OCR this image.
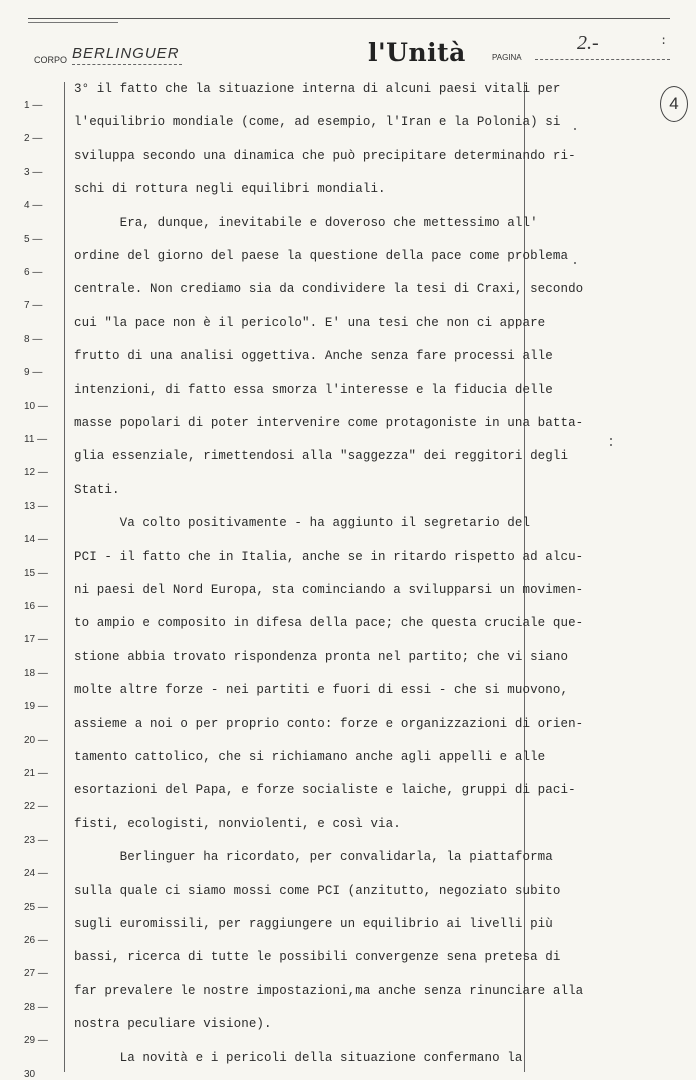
CORPO BERLINGUER	l'Unità	PAGINA
2.-	:
4
1 —
2 —
3 —
4 —
5 —
6 —
7 —
8 —
9 —
10 —
11 —
12 —
13 —
14 —
15 —
16 —
17 —
18 —
19 —
20 —
21 —
22 —
23 —
24 —
25 —
26 —
27 —
28 —
29 —
30
3° il fatto che la situazione interna di alcuni paesi vitali per
l'equilibrio mondiale (come, ad esempio, l'Iran e la Polonia) si
sviluppa secondo una dinamica che può precipitare determinando ri-
schi di rottura negli equilibri mondiali.
Era, dunque, inevitabile e doveroso che mettessimo all'
ordine del giorno del paese la questione della pace come problema
centrale. Non crediamo sia da condividere la tesi di Craxi, secondo
cui "la pace non è il pericolo". E' una tesi che non ci appare
frutto di una analisi oggettiva. Anche senza fare processi alle
intenzioni, di fatto essa smorza l'interesse e la fiducia delle
masse popolari di poter intervenire come protagoniste in una batta-
glia essenziale, rimettendosi alla "saggezza" dei reggitori degli
Stati.
Va colto positivamente - ha aggiunto il segretario del
PCI - il fatto che in Italia, anche se in ritardo rispetto ad alcu-
ni paesi del Nord Europa, sta cominciando a svilupparsi un movimen-
to ampio e composito in difesa della pace; che questa cruciale que-
stione abbia trovato rispondenza pronta nel partito; che vi siano
molte altre forze - nei partiti e fuori di essi - che si muovono,
assieme a noi o per proprio conto: forze e organizzazioni di orien-
tamento cattolico, che si richiamano anche agli appelli e alle
esortazioni del Papa, e forze socialiste e laiche, gruppi di paci-
fisti, ecologisti, nonviolenti, e così via.
Berlinguer ha ricordato, per convalidarla, la piattaforma
sulla quale ci siamo mossi come PCI (anzitutto, negoziato subito
sugli euromissili, per raggiungere un equilibrio ai livelli più
bassi, ricerca di tutte le possibili convergenze sena pretesa di
far prevalere le nostre impostazioni,ma anche senza rinunciare alla
nostra peculiare visione).
La novità e i pericoli della situazione confermano la
